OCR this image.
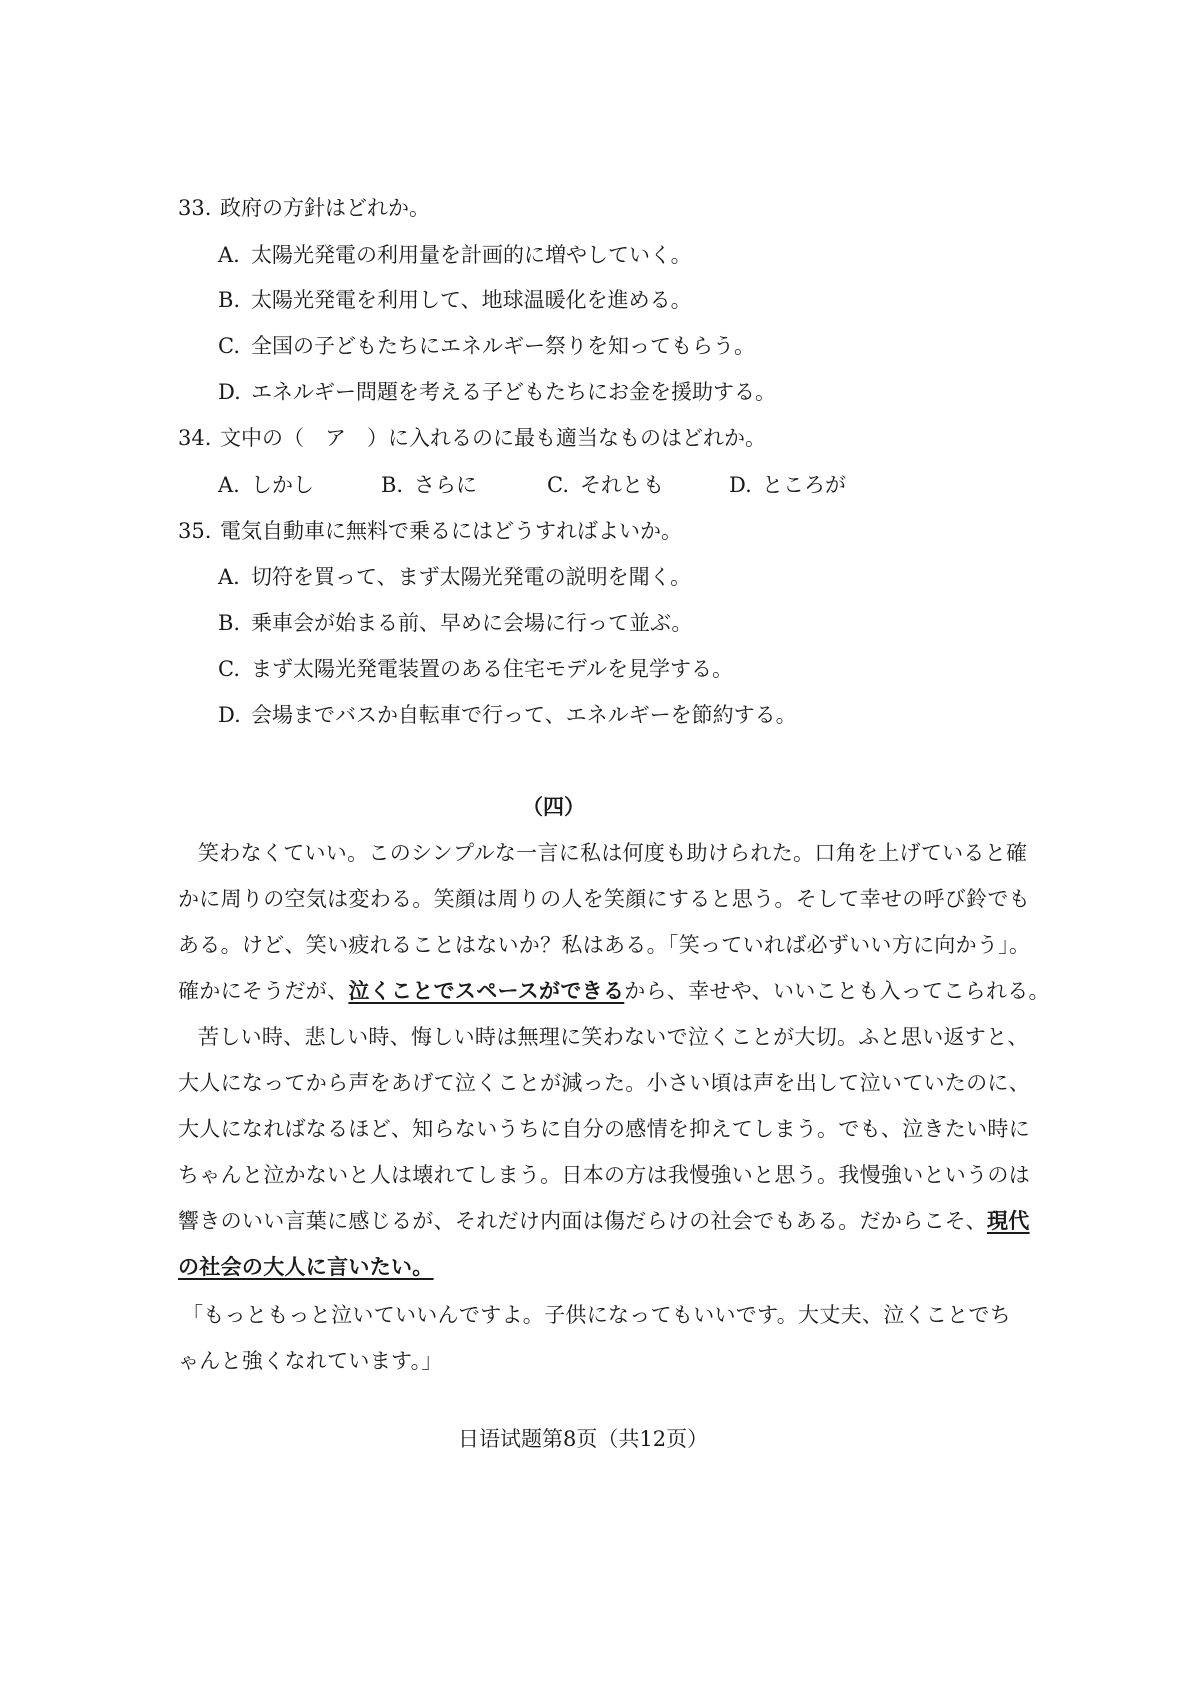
33. 政府の方針はどれか。
A. 太陽光発電の利用量を計画的に増やしていく。
B. 太陽光発電を利用して、地球温暖化を進める。
C. 全国の子どもたちにエネルギー祭りを知ってもらう。
D. エネルギー問題を考える子どもたちにお金を援助する。
34. 文中の（　ア　）に入れるのに最も適当なものはどれか。
A. しかし	B. さらに	C. それとも	D. ところが
35. 電気自動車に無料で乗るにはどうすればよいか。
A. 切符を買って、まず太陽光発電の説明を聞く。
B. 乗車会が始まる前、早めに会場に行って並ぶ。
C. まず太陽光発電装置のある住宅モデルを見学する。
D. 会場までバスか自転車で行って、エネルギーを節約する。
（四）
笑わなくていい。このシンプルな一言に私は何度も助けられた。口角を上げていると確
かに周りの空気は変わる。笑顔は周りの人を笑顔にすると思う。そして幸せの呼び鈴でも
ある。けど、笑い疲れることはないか？私はある。「笑っていれば必ずいい方に向かう」。
確かにそうだが、泣くことでスペースができるから、幸せや、いいことも入ってこられる。
苦しい時、悲しい時、悔しい時は無理に笑わないで泣くことが大切。ふと思い返すと、
大人になってから声をあげて泣くことが減った。小さい頃は声を出して泣いていたのに、
大人になればなるほど、知らないうちに自分の感情を抑えてしまう。でも、泣きたい時に
ちゃんと泣かないと人は壊れてしまう。日本の方は我慢強いと思う。我慢強いというのは
響きのいい言葉に感じるが、それだけ内面は傷だらけの社会でもある。だからこそ、現代
の社会の大人に言いたい。
「もっともっと泣いていいんですよ。子供になってもいいです。大丈夫、泣くことでち
ゃんと強くなれています。」
日语试题第8页（共12页）
